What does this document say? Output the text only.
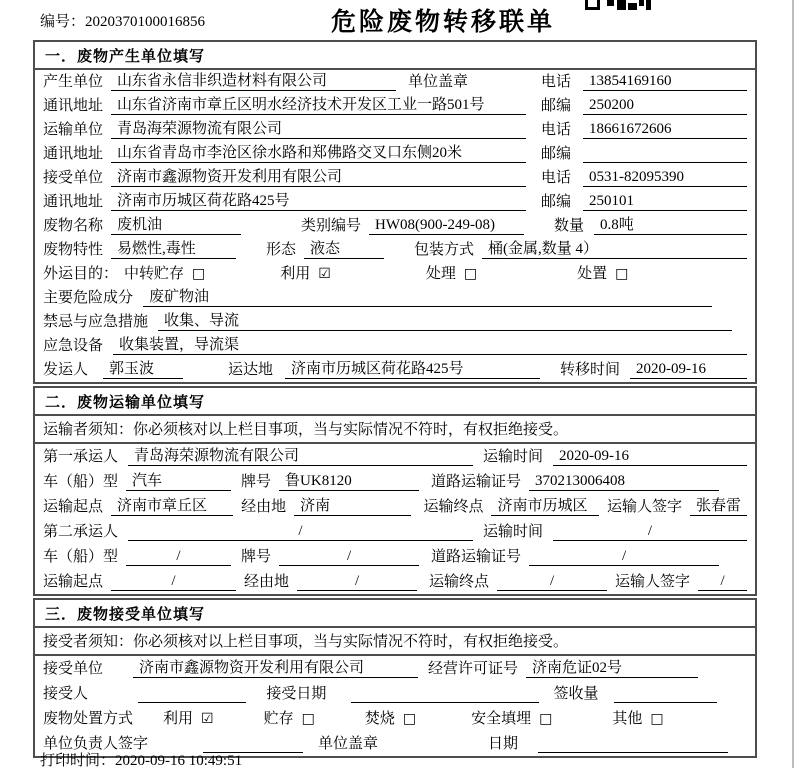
编号：2020370100016856	危险废物转移联单
一．废物产生单位填写
产生单位 山东省永信非织造材料有限公司	单位盖章	电话	13854169160
通讯地址 山东省济南市章丘区明水经济技术开发区工业一路501号	邮编	250200
运输单位 青岛海荣源物流有限公司	电话	18661672606
通讯地址 山东省青岛市李沧区徐水路和郑佛路交叉口东侧20米	邮编
接受单位 济南市鑫源物资开发利用有限公司	电话	0531-82095390
通讯地址 济南市历城区荷花路425号	邮编	250101
废物名称 废机油	类别编号 HW08(900-249-08)	数量	0.8吨
废物特性 易燃性,毒性	形态 液态	包装方式 桶(金属,数量 4）
外运目的： 中转贮存 □	利用 ☑	处理 □	处置 □
主要危险成分	废矿物油
禁忌与应急措施	收集、导流
应急设备	收集装置，导流渠
发运人	郭玉波	运达地	济南市历城区荷花路425号	转移时间	2020-09-16
二．废物运输单位填写
运输者须知：你必须核对以上栏目事项，当与实际情况不符时，有权拒绝接受。
第一承运人	青岛海荣源物流有限公司	运输时间	2020-09-16
车（船）型 汽车	牌号 鲁UK8120	道路运输证号 370213006408
运输起点 济南市章丘区	经由地 济南	运输终点 济南市历城区	运输人签字 张春雷
第二承运人	/	运输时间	/
车（船）型	/	牌号	/	道路运输证号	/
运输起点	/	经由地	/	运输终点	/	运输人签字	/
三．废物接受单位填写
接受者须知：你必须核对以上栏目事项，当与实际情况不符时，有权拒绝接受。
接受单位	济南市鑫源物资开发利用有限公司	经营许可证号 济南危证02号
接受人	接受日期	签收量
废物处置方式 利用 ☑	贮存 □	焚烧 □	安全填埋 □	其他 □
单位负责人签字	单位盖章	日期
打印时间：2020-09-16 10:49:51
